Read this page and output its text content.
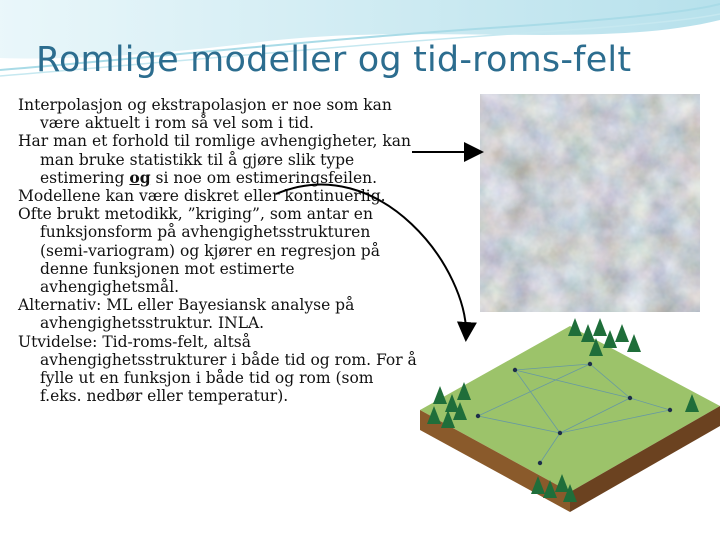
Romlige modeller og tid-roms-felt
Interpolasjon og ekstrapolasjon er noe som kan være aktuelt i rom så vel som i tid.
Har man et forhold til romlige avhengigheter, kan man bruke statistikk til å gjøre slik type estimering og si noe om estimeringsfeilen.
Modellene kan være diskret eller kontinuerlig.
Ofte brukt metodikk, ”kriging”, som antar en funksjonsform på avhengighetsstrukturen (semi-variogram) og kjører en regresjon på denne funksjonen mot estimerte avhengighetsmål.
Alternativ: ML eller Bayesiansk analyse på avhengighetsstruktur. INLA.
Utvidelse: Tid-roms-felt, altså avhengighetsstrukturer i både tid og rom. For å fylle ut en funksjon i både tid og rom (som f.eks. nedbør eller temperatur).
